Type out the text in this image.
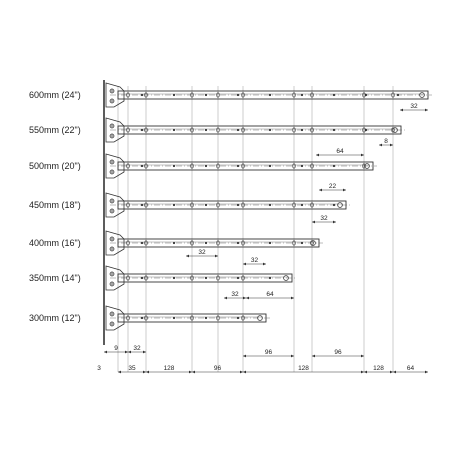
600mm (24")
550mm (22")
500mm (20")
450mm (18")
400mm (16")
350mm (14")
300mm (12")
3	35	128	96	128	128	64
9 32
96	96
32
64
8
22
32
32
32
32	64
